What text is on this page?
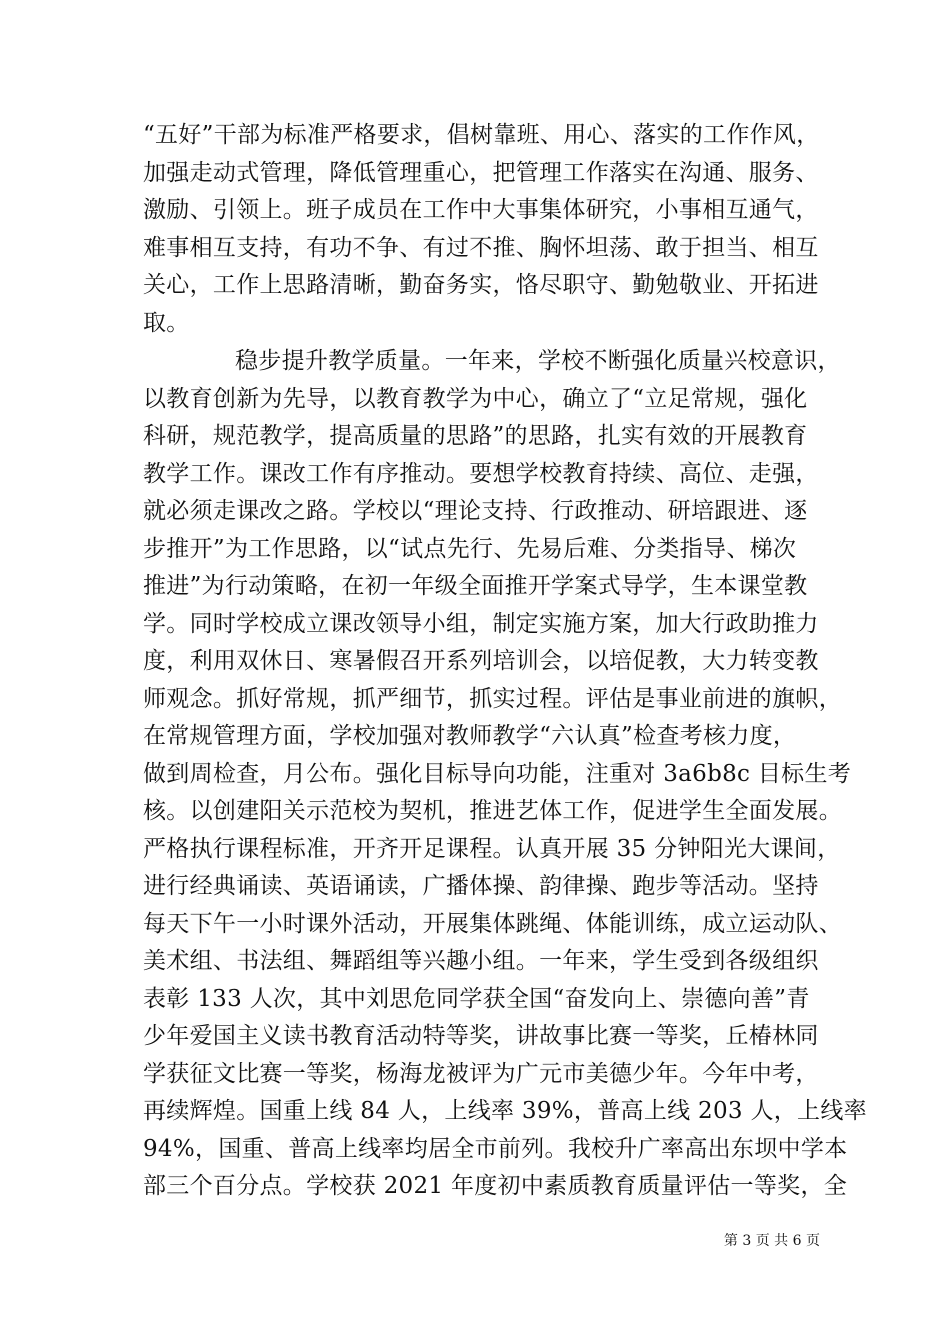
“五好”干部为标准严格要求，倡树靠班、用心、落实的工作作风，
加强走动式管理，降低管理重心，把管理工作落实在沟通、服务、
激励、引领上。班子成员在工作中大事集体研究，小事相互通气，
难事相互支持，有功不争、有过不推、胸怀坦荡、敢于担当、相互
关心，工作上思路清晰，勤奋务实，恪尽职守、勤勉敬业、开拓进
取。
稳步提升教学质量。一年来，学校不断强化质量兴校意识，
以教育创新为先导，以教育教学为中心，确立了“立足常规，强化
科研，规范教学，提高质量的思路”的思路，扎实有效的开展教育
教学工作。课改工作有序推动。要想学校教育持续、高位、走强，
就必须走课改之路。学校以“理论支持、行政推动、研培跟进、逐
步推开”为工作思路，以“试点先行、先易后难、分类指导、梯次
推进”为行动策略，在初一年级全面推开学案式导学，生本课堂教
学。同时学校成立课改领导小组，制定实施方案，加大行政助推力
度，利用双休日、寒暑假召开系列培训会，以培促教，大力转变教
师观念。抓好常规，抓严细节，抓实过程。评估是事业前进的旗帜，
在常规管理方面，学校加强对教师教学“六认真”检查考核力度，
做到周检查，月公布。强化目标导向功能，注重对 3a6b8c 目标生考
核。以创建阳关示范校为契机，推进艺体工作，促进学生全面发展。
严格执行课程标准，开齐开足课程。认真开展 35 分钟阳光大课间，
进行经典诵读、英语诵读，广播体操、韵律操、跑步等活动。坚持
每天下午一小时课外活动，开展集体跳绳、体能训练，成立运动队、
美术组、书法组、舞蹈组等兴趣小组。一年来，学生受到各级组织
表彰 133 人次，其中刘思危同学获全国“奋发向上、崇德向善”青
少年爱国主义读书教育活动特等奖，讲故事比赛一等奖，丘椿林同
学获征文比赛一等奖，杨海龙被评为广元市美德少年。今年中考，
再续辉煌。国重上线 84 人，上线率 39%，普高上线 203 人，上线率
94%，国重、普高上线率均居全市前列。我校升广率高出东坝中学本
部三个百分点。学校获 2021 年度初中素质教育质量评估一等奖，全
第 3 页 共 6 页
